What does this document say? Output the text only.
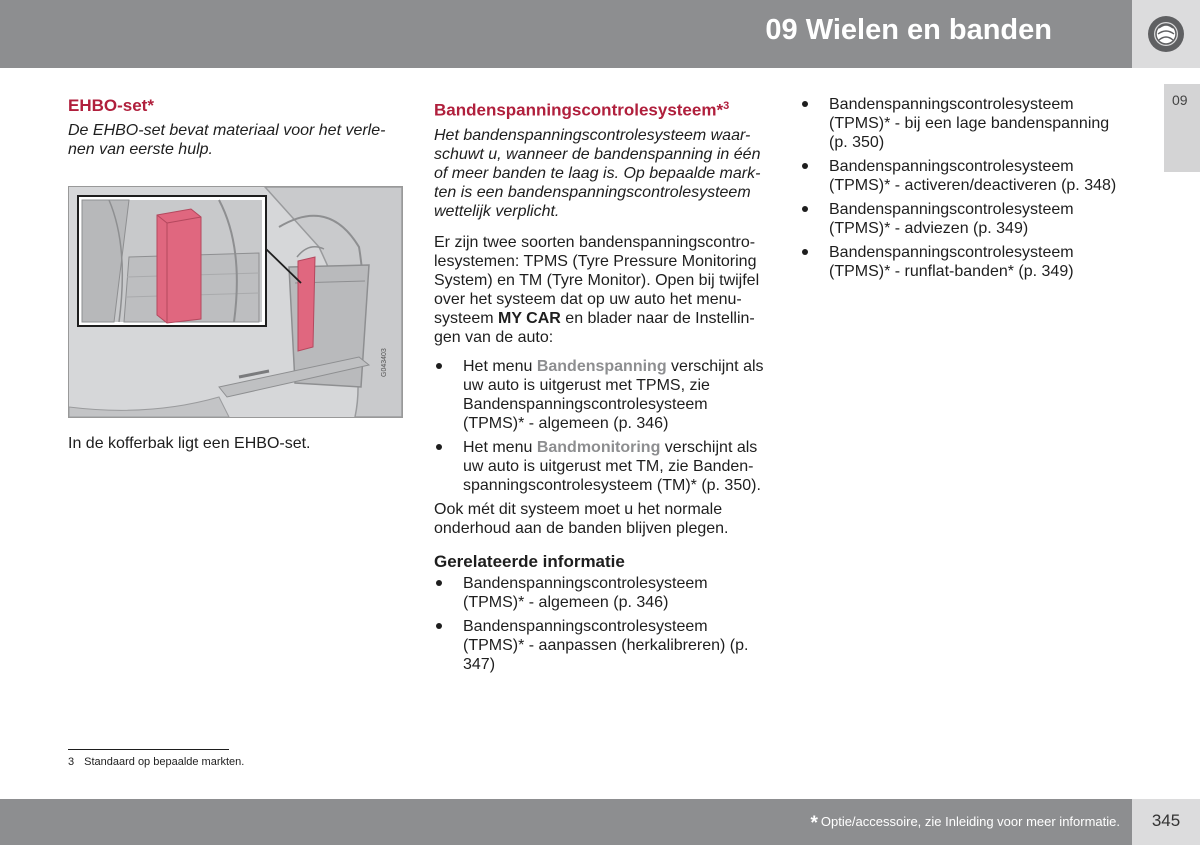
09 Wielen en banden
09
EHBO-set*

De EHBO-set bevat materiaal voor het verle-nen van eerste hulp.

G043403

In de kofferbak ligt een EHBO-set.

Bandenspanningscontrolesysteem*$^3$

Het bandenspanningscontrolesysteem waar-schuwt u, wanneer de bandenspanning in één of meer banden te laag is. Op bepaalde mark-ten is een bandenspanningscontrolesysteem wettelijk verplicht.

Er zijn twee soorten bandenspanningscontro-lesystemen: TPMS (Tyre Pressure Monitoring System) en TM (Tyre Monitor). Open bij twijfel over het systeem dat op uw auto het menu-systeem MY CAR en blader naar de Instellin-gen van de auto:

Het menu Bandenspanning verschijnt als uw auto is uitgerust met TPMS, zie Bandenspanningscontrolesysteem (TPMS)* - algemeen (p. 346)
Het menu Bandmonitoring verschijnt als uw auto is uitgerust met TM, zie Banden-spanningscontrolesysteem (TM)* (p. 350).

Ook mét dit systeem moet u het normale onderhoud aan de banden blijven plegen.

Gerelateerde informatie
Bandenspanningscontrolesysteem (TPMS)* - algemeen (p. 346)
Bandenspanningscontrolesysteem (TPMS)* - aanpassen (herkalibreren) (p. 347)
Bandenspanningscontrolesysteem (TPMS)* - bij een lage bandenspanning (p. 350)
Bandenspanningscontrolesysteem (TPMS)* - activeren/deactiveren (p. 348)
Bandenspanningscontrolesysteem (TPMS)* - adviezen (p. 349)
Bandenspanningscontrolesysteem (TPMS)* - runflat-banden* (p. 349)
3 Standaard op bepaalde markten.
* Optie/accessoire, zie Inleiding voor meer informatie.	345
